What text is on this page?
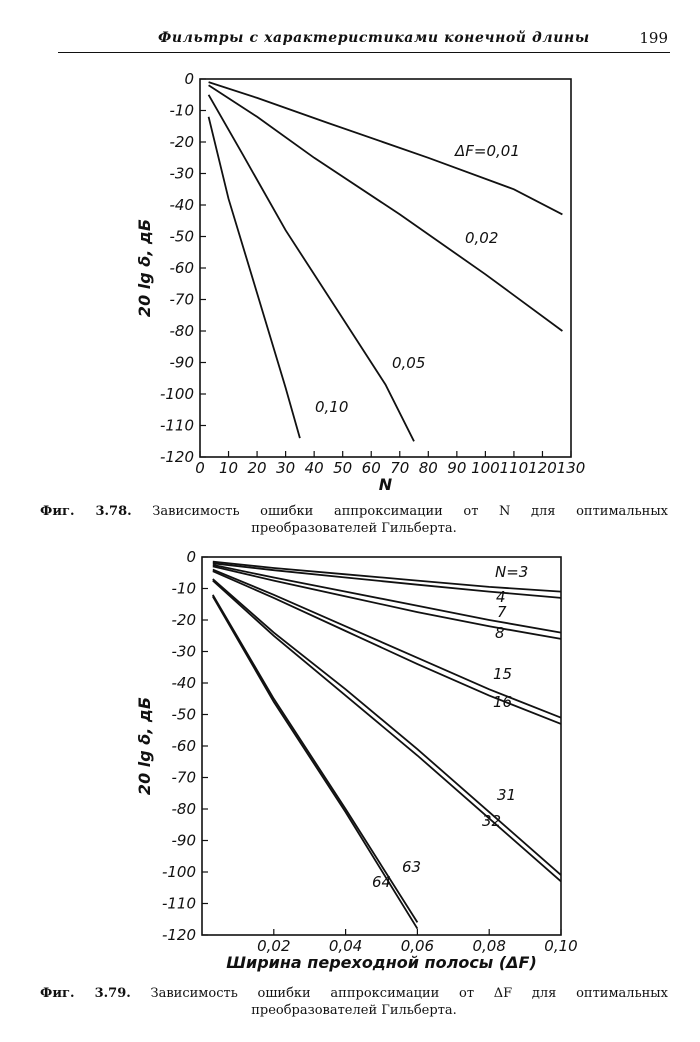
Фильтры с характеристиками конечной длины	199
0
-10
-20
-30
-40
-50
-60
-70
-80
-90
-100
-110
-120
0 10 20 30 40 50 60 70 80 90 100 110 120 130
N
20 lg δ, дБ
ΔF=0,01
0,02
0,05
0,10
Фиг. 3.78. Зависимость ошибки аппроксимации от N для оптимальных
преобразователей Гильберта.
0
-10
-20
-30
-40
-50
-60
-70
-80
-90
-100
-110
-120
0,02	0,04	0,06	0,08	0,10
Ширина переходной полосы (ΔF)
20 lg δ, дБ
N=3
4
7
8
15
16
31
32
63
64
Фиг. 3.79. Зависимость ошибки аппроксимации от ΔF для оптимальных
преобразователей Гильберта.
